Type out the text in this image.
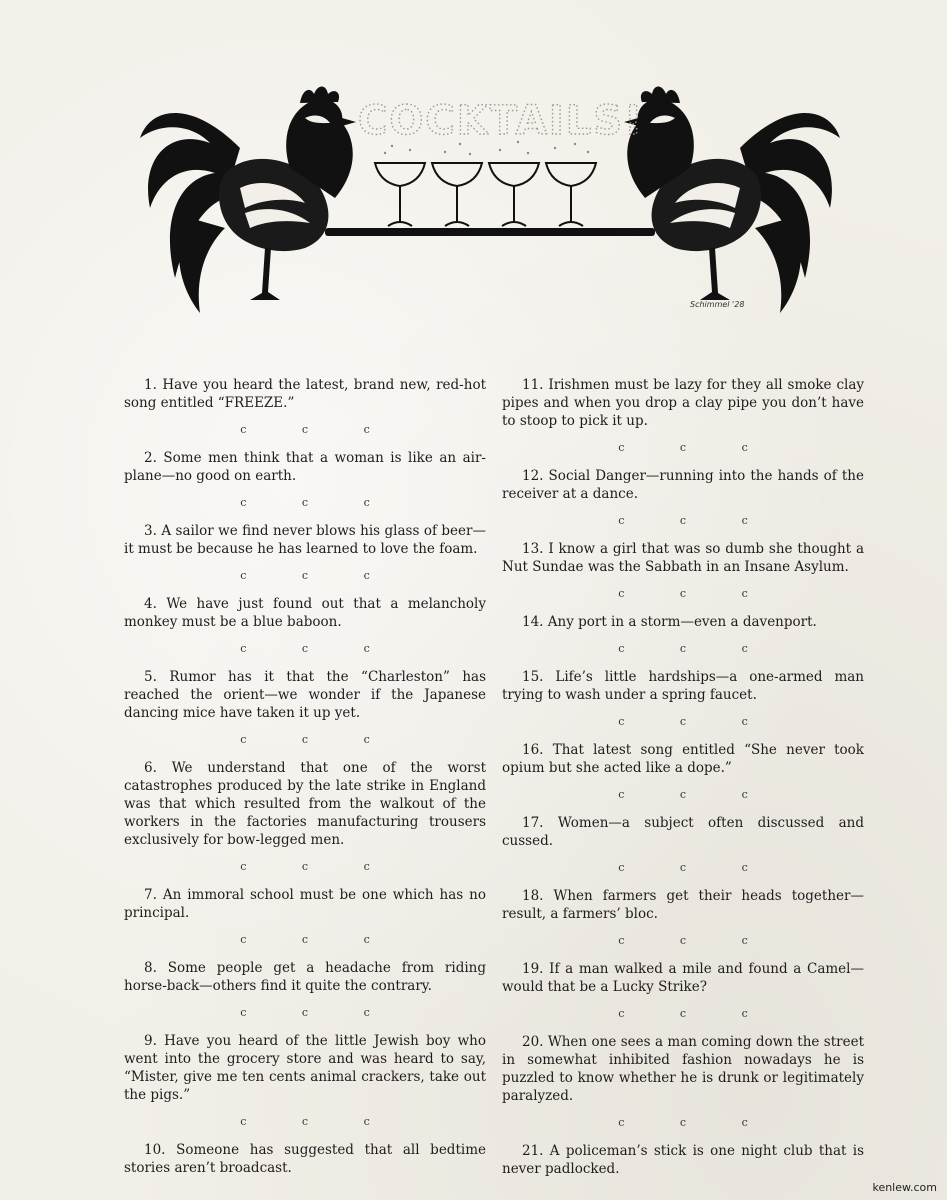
COCKTAILS!
Schimmel '28

1. Have you heard the latest, brand new, red-hot song entitled “FREEZE.”

c c c

2. Some men think that a woman is like an air-plane—no good on earth.

c c c

3. A sailor we find never blows his glass of beer—it must be because he has learned to love the foam.

c c c

4. We have just found out that a melancholy monkey must be a blue baboon.

c c c

5. Rumor has it that the “Charleston” has reached the orient—we wonder if the Japanese dancing mice have taken it up yet.

c c c

6. We understand that one of the worst catastrophes produced by the late strike in England was that which resulted from the walkout of the workers in the factories manufacturing trousers exclusively for bow-legged men.

c c c

7. An immoral school must be one which has no principal.

c c c

8. Some people get a headache from riding horse-back—others find it quite the contrary.

c c c

9. Have you heard of the little Jewish boy who went into the grocery store and was heard to say, “Mister, give me ten cents animal crackers, take out the pigs.”

c c c

10. Someone has suggested that all bedtime stories aren’t broadcast.

11. Irishmen must be lazy for they all smoke clay pipes and when you drop a clay pipe you don’t have to stoop to pick it up.

c c c

12. Social Danger—running into the hands of the receiver at a dance.

c c c

13. I know a girl that was so dumb she thought a Nut Sundae was the Sabbath in an Insane Asylum.

c c c

14. Any port in a storm—even a davenport.

c c c

15. Life’s little hardships—a one-armed man trying to wash under a spring faucet.

c c c

16. That latest song entitled “She never took opium but she acted like a dope.”

c c c

17. Women—a subject often discussed and cussed.

c c c

18. When farmers get their heads together—result, a farmers’ bloc.

c c c

19. If a man walked a mile and found a Camel—would that be a Lucky Strike?

c c c

20. When one sees a man coming down the street in somewhat inhibited fashion nowadays he is puzzled to know whether he is drunk or legitimately paralyzed.

c c c

21. A policeman’s stick is one night club that is never padlocked.

kenlew.com
